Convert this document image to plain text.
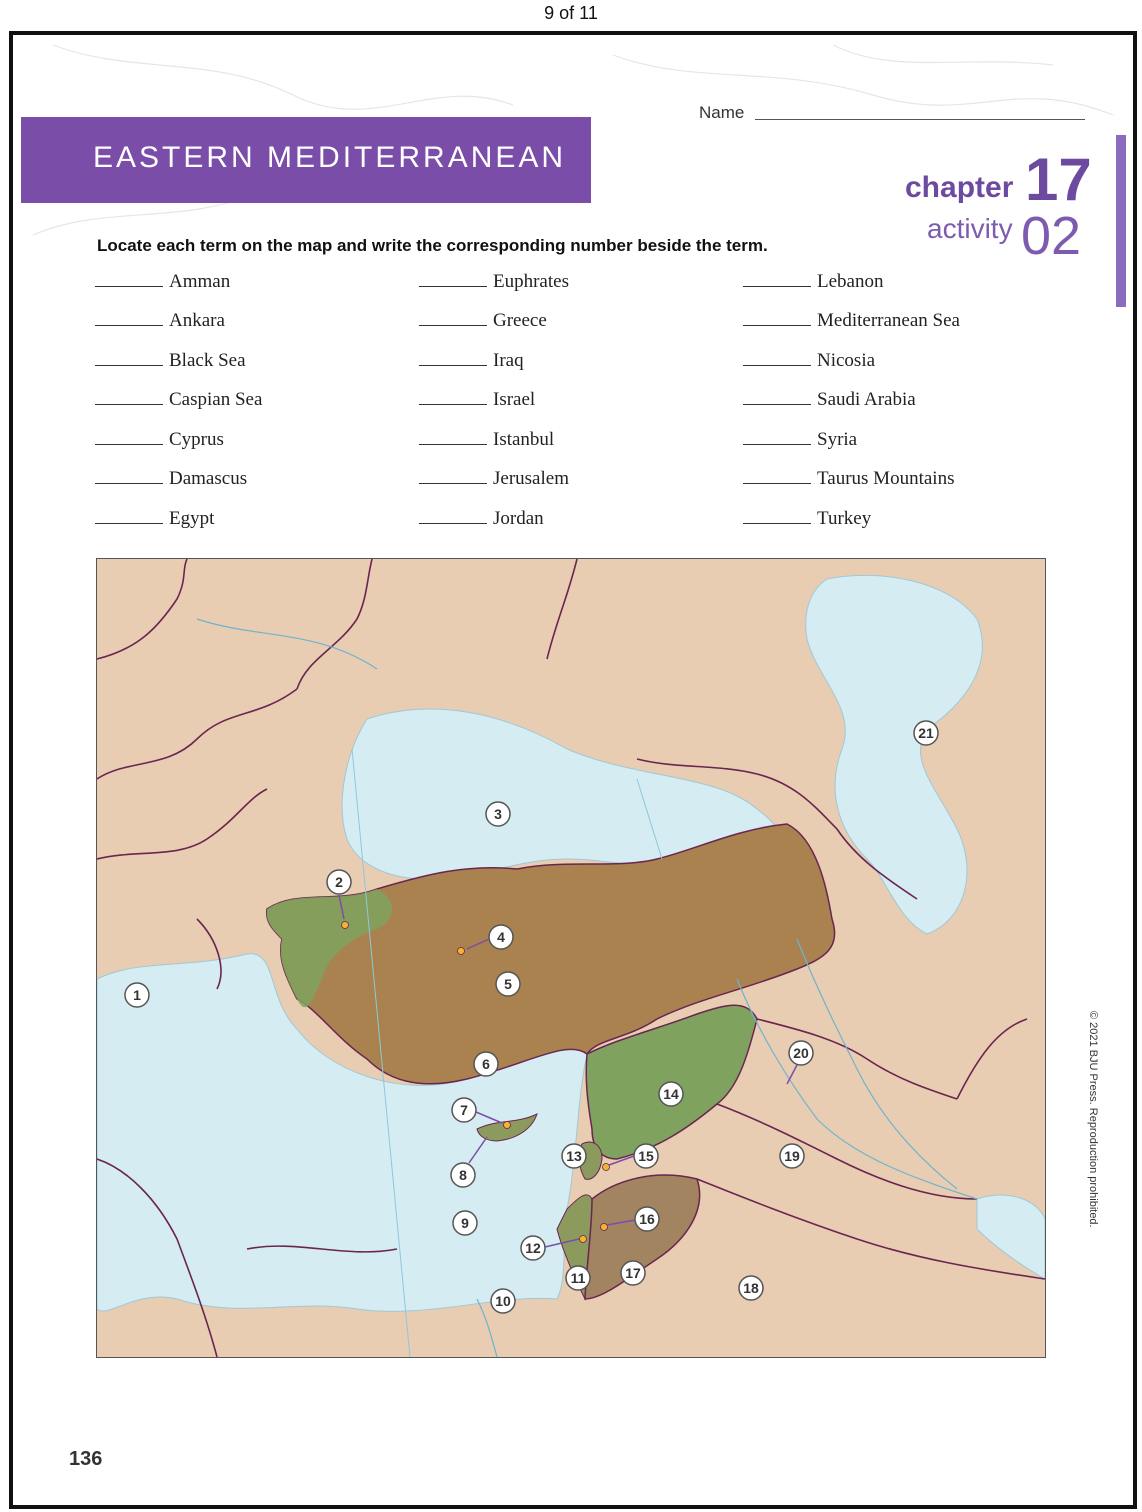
9 of 11
Name
EASTERN MEDITERRANEAN
chapter 17
activity 02
Locate each term on the map and write the corresponding number beside the term.
Amman
Ankara
Black Sea
Caspian Sea
Cyprus
Damascus
Egypt
Euphrates
Greece
Iraq
Israel
Istanbul
Jerusalem
Jordan
Lebanon
Mediterranean Sea
Nicosia
Saudi Arabia
Syria
Taurus Mountains
Turkey
1
2
3
4
5
6
7
8
9
10
11
12
13
14
15
16
17
18
19
20
21
© 2021 BJU Press. Reproduction prohibited.
136
